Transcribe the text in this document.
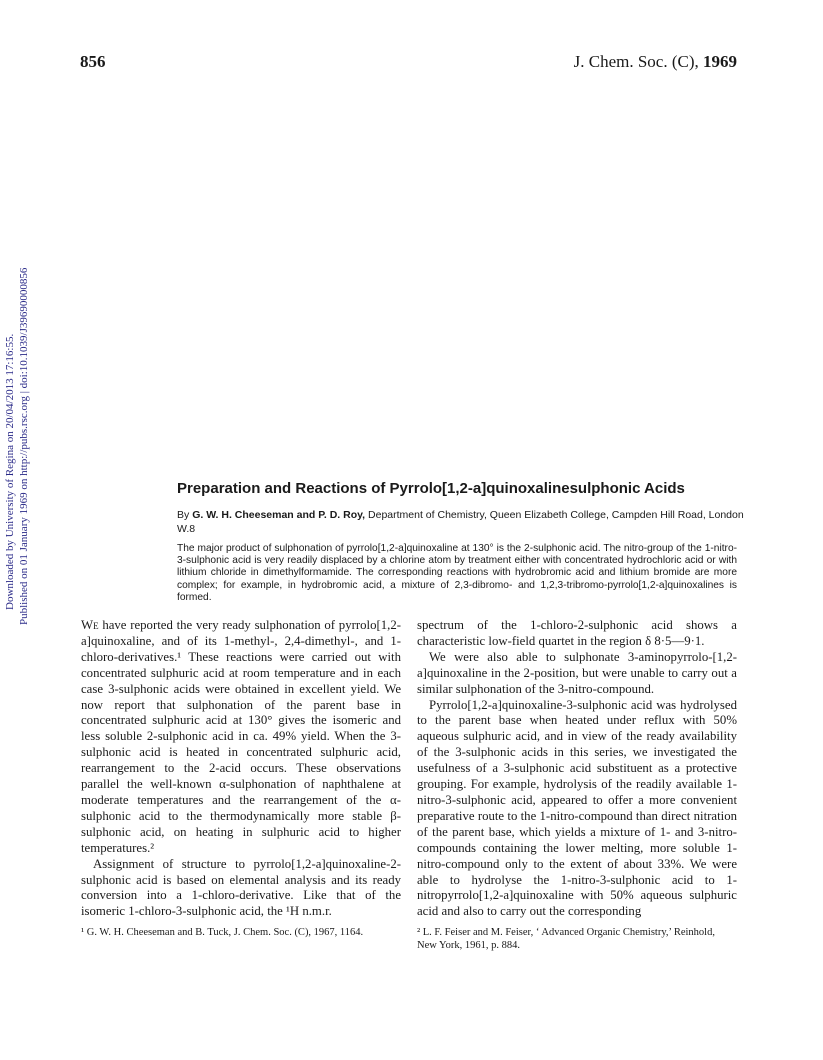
856	J. Chem. Soc. (C), 1969
Downloaded by University of Regina on 20/04/2013 17:16:55. Published on 01 January 1969 on http://pubs.rsc.org | doi:10.1039/J39690000856	Preparation and Reactions of Pyrrolo[1,2-a]quinoxalinesulphonic Acids
By G. W. H. Cheeseman and P. D. Roy, Department of Chemistry, Queen Elizabeth College, Campden Hill Road, London W.8
The major product of sulphonation of pyrrolo[1,2-a]quinoxaline at 130° is the 2-sulphonic acid. The nitro-group of the 1-nitro-3-sulphonic acid is very readily displaced by a chlorine atom by treatment either with concentrated hydrochloric acid or with lithium chloride in dimethylformamide. The corresponding reactions with hydrobromic acid and lithium bromide are more complex; for example, in hydrobromic acid, a mixture of 2,3-dibromo- and 1,2,3-tribromo-pyrrolo[1,2-a]quinoxalines is formed.

We have reported the very ready sulphonation of pyrrolo[1,2-a]quinoxaline, and of its 1-methyl-, 2,4-dimethyl-, and 1-chloro-derivatives.¹ These reactions were carried out with concentrated sulphuric acid at room temperature and in each case 3-sulphonic acids were obtained in excellent yield. We now report that sulphonation of the parent base in concentrated sulphuric acid at 130° gives the isomeric and less soluble 2-sulphonic acid in ca. 49% yield. When the 3-sulphonic acid is heated in concentrated sulphuric acid, rearrangement to the 2-acid occurs. These observations parallel the well-known α-sulphonation of naphthalene at moderate temperatures and the rearrangement of the α-sulphonic acid to the thermodynamically more stable β-sulphonic acid, on heating in sulphuric acid to higher temperatures.²

Assignment of structure to pyrrolo[1,2-a]quinoxaline-2-sulphonic acid is based on elemental analysis and its ready conversion into a 1-chloro-derivative. Like that of the isomeric 1-chloro-3-sulphonic acid, the ¹H n.m.r.

spectrum of the 1-chloro-2-sulphonic acid shows a characteristic low-field quartet in the region δ 8·5—9·1.

We were also able to sulphonate 3-aminopyrrolo-[1,2-a]quinoxaline in the 2-position, but were unable to carry out a similar sulphonation of the 3-nitro-compound.

Pyrrolo[1,2-a]quinoxaline-3-sulphonic acid was hydrolysed to the parent base when heated under reflux with 50% aqueous sulphuric acid, and in view of the ready availability of the 3-sulphonic acids in this series, we investigated the usefulness of a 3-sulphonic acid substituent as a protective grouping. For example, hydrolysis of the readily available 1-nitro-3-sulphonic acid, appeared to offer a more convenient preparative route to the 1-nitro-compound than direct nitration of the parent base, which yields a mixture of 1- and 3-nitro-compounds containing the lower melting, more soluble 1-nitro-compound only to the extent of about 33%. We were able to hydrolyse the 1-nitro-3-sulphonic acid to 1-nitropyrrolo[1,2-a]quinoxaline with 50% aqueous sulphuric acid and also to carry out the corresponding

¹ G. W. H. Cheeseman and B. Tuck, J. Chem. Soc. (C), 1967, 1164.	² L. F. Feiser and M. Feiser, ‘ Advanced Organic Chemistry,’ Reinhold, New York, 1961, p. 884.
